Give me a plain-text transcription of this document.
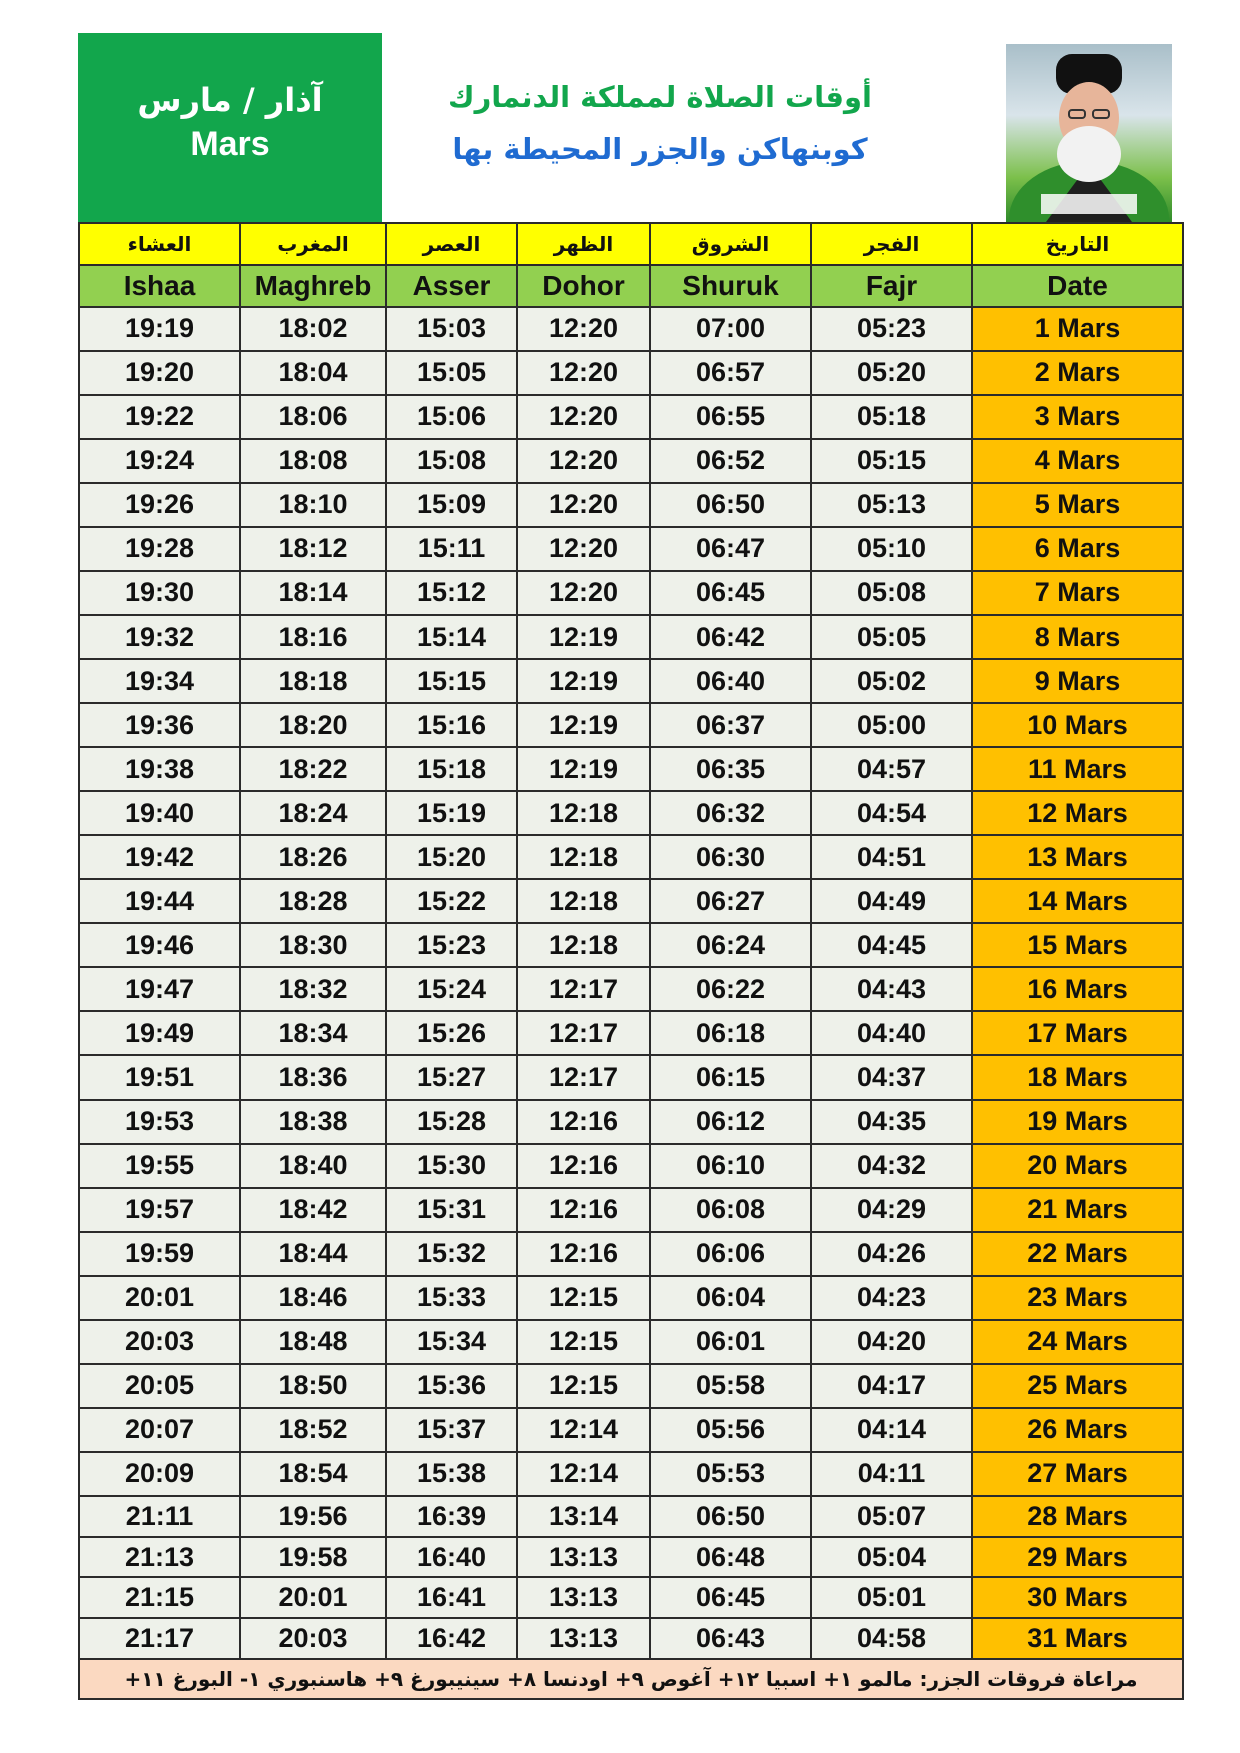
آذار / مارس
Mars
أوقات الصلاة لمملكة الدنمارك
كوبنهاكن والجزر المحيطة بها
العشاء	المغرب	العصر	الظهر	الشروق	الفجر	التاريخ
Ishaa	Maghreb	Asser	Dohor	Shuruk	Fajr	Date
19:19	18:02	15:03	12:20	07:00	05:23	1 Mars
19:20	18:04	15:05	12:20	06:57	05:20	2 Mars
19:22	18:06	15:06	12:20	06:55	05:18	3 Mars
19:24	18:08	15:08	12:20	06:52	05:15	4 Mars
19:26	18:10	15:09	12:20	06:50	05:13	5 Mars
19:28	18:12	15:11	12:20	06:47	05:10	6 Mars
19:30	18:14	15:12	12:20	06:45	05:08	7 Mars
19:32	18:16	15:14	12:19	06:42	05:05	8 Mars
19:34	18:18	15:15	12:19	06:40	05:02	9 Mars
19:36	18:20	15:16	12:19	06:37	05:00	10 Mars
19:38	18:22	15:18	12:19	06:35	04:57	11 Mars
19:40	18:24	15:19	12:18	06:32	04:54	12 Mars
19:42	18:26	15:20	12:18	06:30	04:51	13 Mars
19:44	18:28	15:22	12:18	06:27	04:49	14 Mars
19:46	18:30	15:23	12:18	06:24	04:45	15 Mars
19:47	18:32	15:24	12:17	06:22	04:43	16 Mars
19:49	18:34	15:26	12:17	06:18	04:40	17 Mars
19:51	18:36	15:27	12:17	06:15	04:37	18 Mars
19:53	18:38	15:28	12:16	06:12	04:35	19 Mars
19:55	18:40	15:30	12:16	06:10	04:32	20 Mars
19:57	18:42	15:31	12:16	06:08	04:29	21 Mars
19:59	18:44	15:32	12:16	06:06	04:26	22 Mars
20:01	18:46	15:33	12:15	06:04	04:23	23 Mars
20:03	18:48	15:34	12:15	06:01	04:20	24 Mars
20:05	18:50	15:36	12:15	05:58	04:17	25 Mars
20:07	18:52	15:37	12:14	05:56	04:14	26 Mars
20:09	18:54	15:38	12:14	05:53	04:11	27 Mars
21:11	19:56	16:39	13:14	06:50	05:07	28 Mars
21:13	19:58	16:40	13:13	06:48	05:04	29 Mars
21:15	20:01	16:41	13:13	06:45	05:01	30 Mars
21:17	20:03	16:42	13:13	06:43	04:58	31 Mars
مراعاة فروقات الجزر: مالمو ١+ اسبيا ١٢+ آغوص ٩+ اودنسا ٨+ سينيبورغ ٩+ هاسنبوري ١- البورغ ١١+						
